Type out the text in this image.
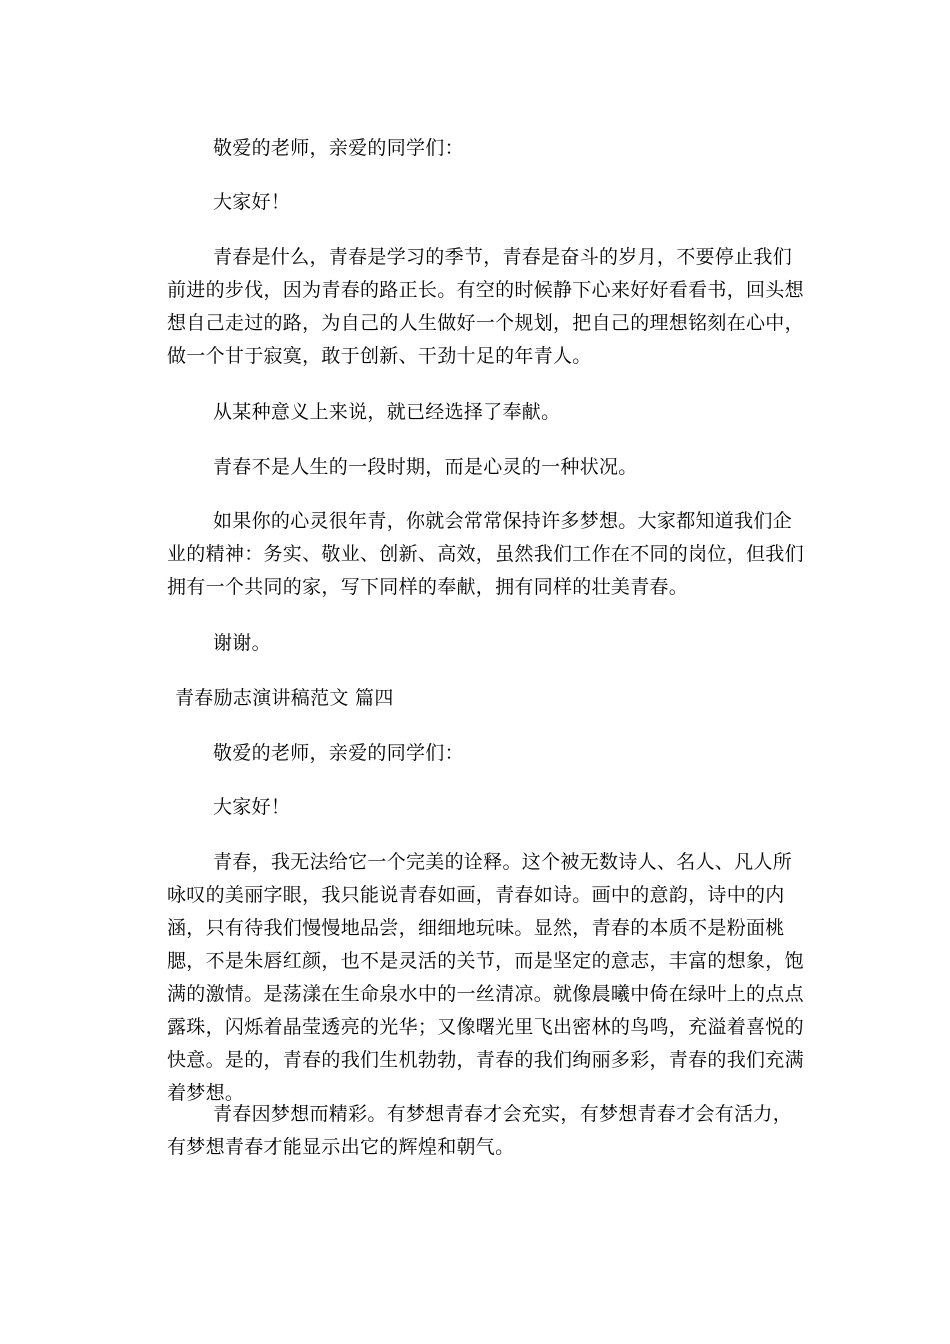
敬爱的老师，亲爱的同学们：

大家好！

青春是什么，青春是学习的季节，青春是奋斗的岁月，不要停止我们前进的步伐，因为青春的路正长。有空的时候静下心来好好看看书，回头想想自己走过的路，为自己的人生做好一个规划，把自己的理想铭刻在心中，做一个甘于寂寞，敢于创新、干劲十足的年青人。

从某种意义上来说，就已经选择了奉献。

青春不是人生的一段时期，而是心灵的一种状况。

如果你的心灵很年青，你就会常常保持许多梦想。大家都知道我们企业的精神：务实、敬业、创新、高效，虽然我们工作在不同的岗位，但我们拥有一个共同的家，写下同样的奉献，拥有同样的壮美青春。

谢谢。

青春励志演讲稿范文 篇四

敬爱的老师，亲爱的同学们：

大家好！

青春，我无法给它一个完美的诠释。这个被无数诗人、名人、凡人所咏叹的美丽字眼，我只能说青春如画，青春如诗。画中的意韵，诗中的内涵，只有待我们慢慢地品尝，细细地玩味。显然，青春的本质不是粉面桃腮，不是朱唇红颜，也不是灵活的关节，而是坚定的意志，丰富的想象，饱满的激情。是荡漾在生命泉水中的一丝清凉。就像晨曦中倚在绿叶上的点点露珠，闪烁着晶莹透亮的光华；又像曙光里飞出密林的鸟鸣，充溢着喜悦的快意。是的，青春的我们生机勃勃，青春的我们绚丽多彩，青春的我们充满着梦想。

青春因梦想而精彩。有梦想青春才会充实，有梦想青春才会有活力，有梦想青春才能显示出它的辉煌和朝气。
